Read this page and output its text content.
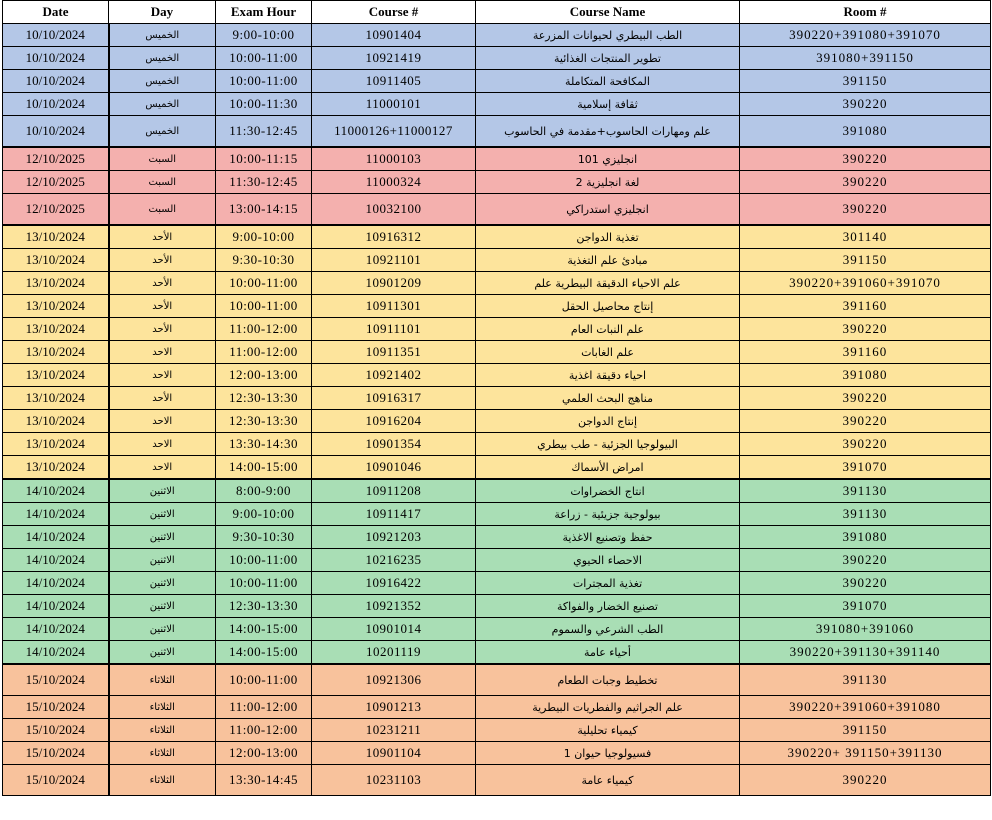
Date	Day	Exam Hour	Course #	Course Name	Room #
10/10/2024	الخميس	9:00-10:00	10901404	الطب البيطري لحيوانات المزرعة	390220+391080+391070
10/10/2024	الخميس	10:00-11:00	10921419	تطوير المنتجات الغذائية	391080+391150
10/10/2024	الخميس	10:00-11:00	10911405	المكافحة المتكاملة	391150
10/10/2024	الخميس	10:00-11:30	11000101	ثقافة إسلامية	390220
10/10/2024	الخميس	11:30-12:45	11000126+11000127	علم ومهارات الحاسوب+مقدمة في الحاسوب	391080
12/10/2025	السبت	10:00-11:15	11000103	انجليزي 101	390220
12/10/2025	السبت	11:30-12:45	11000324	لغة انجليزية 2	390220
12/10/2025	السبت	13:00-14:15	10032100	انجليزي استدراكي	390220
13/10/2024	الأحد	9:00-10:00	10916312	تغذية الدواجن	301140
13/10/2024	الأحد	9:30-10:30	10921101	مبادئ علم التغذية	391150
13/10/2024	الأحد	10:00-11:00	10901209	علم الاحياء الدقيقة البيطرية علم	390220+391060+391070
13/10/2024	الأحد	10:00-11:00	10911301	إنتاج محاصيل الحقل	391160
13/10/2024	الأحد	11:00-12:00	10911101	علم النبات العام	390220
13/10/2024	الاحد	11:00-12:00	10911351	علم الغابات	391160
13/10/2024	الاحد	12:00-13:00	10921402	احياء دقيقة اغذية	391080
13/10/2024	الأحد	12:30-13:30	10916317	مناهج البحث العلمي	390220
13/10/2024	الاحد	12:30-13:30	10916204	إنتاج الدواجن	390220
13/10/2024	الاحد	13:30-14:30	10901354	البيولوجيا الجزئية - طب بيطري	390220
13/10/2024	الاحد	14:00-15:00	10901046	امراض الأسماك	391070
14/10/2024	الاثنين	8:00-9:00	10911208	انتاج الخضراوات	391130
14/10/2024	الاثنين	9:00-10:00	10911417	بيولوجية جزيئية - زراعة	391130
14/10/2024	الاثنين	9:30-10:30	10921203	حفظ وتصنيع الاغذية	391080
14/10/2024	الاثنين	10:00-11:00	10216235	الاحصاء الحيوي	390220
14/10/2024	الاثنين	10:00-11:00	10916422	تغذية المجترات	390220
14/10/2024	الاثنين	12:30-13:30	10921352	تصنيع الخضار والفواكة	391070
14/10/2024	الاثنين	14:00-15:00	10901014	الطب الشرعي والسموم	391080+391060
14/10/2024	الاثنين	14:00-15:00	10201119	أحياء عامة	390220+391130+391140
15/10/2024	الثلاثاء	10:00-11:00	10921306	تخطيط وجبات الطعام	391130
15/10/2024	الثلاثاء	11:00-12:00	10901213	علم الجراثيم والفطريات البيطرية	390220+391060+391080
15/10/2024	الثلاثاء	11:00-12:00	10231211	كيمياء تحليلية	391150
15/10/2024	الثلاثاء	12:00-13:00	10901104	فسيولوجيا حيوان 1	390220+ 391150+391130
15/10/2024	الثلاثاء	13:30-14:45	10231103	كيمياء عامة	390220
